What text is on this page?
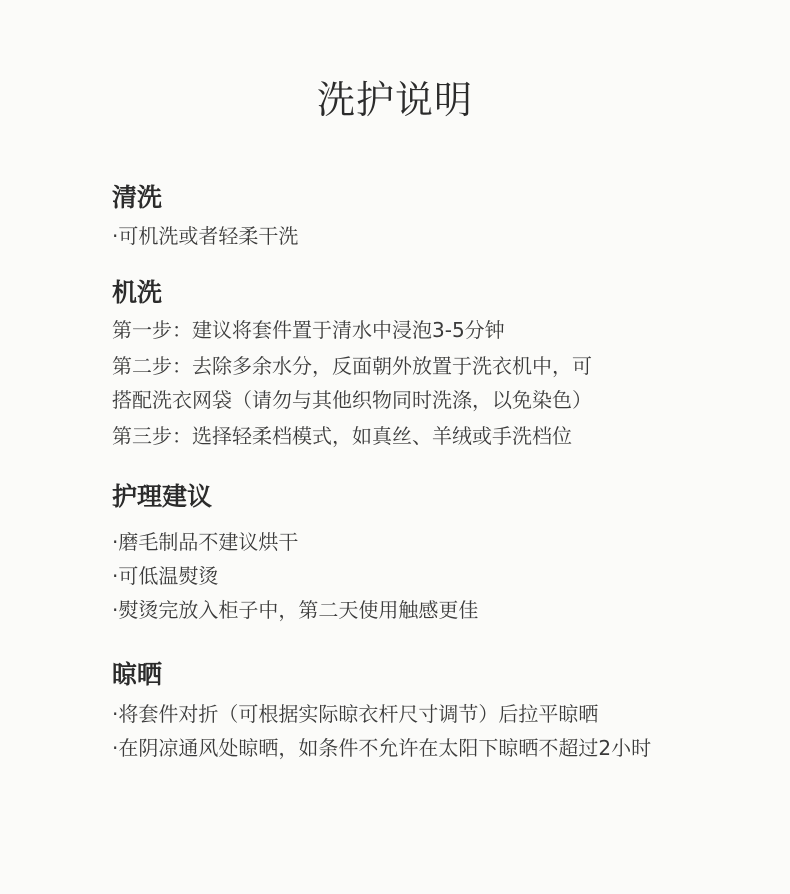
洗护说明
清洗
·可机洗或者轻柔干洗
机洗
第一步：建议将套件置于清水中浸泡3-5分钟
第二步：去除多余水分，反面朝外放置于洗衣机中，可
搭配洗衣网袋（请勿与其他织物同时洗涤，以免染色）
第三步：选择轻柔档模式，如真丝、羊绒或手洗档位
护理建议
·磨毛制品不建议烘干
·可低温熨烫
·熨烫完放入柜子中，第二天使用触感更佳
晾晒
·将套件对折（可根据实际晾衣杆尺寸调节）后拉平晾晒
·在阴凉通风处晾晒，如条件不允许在太阳下晾晒不超过2小时
